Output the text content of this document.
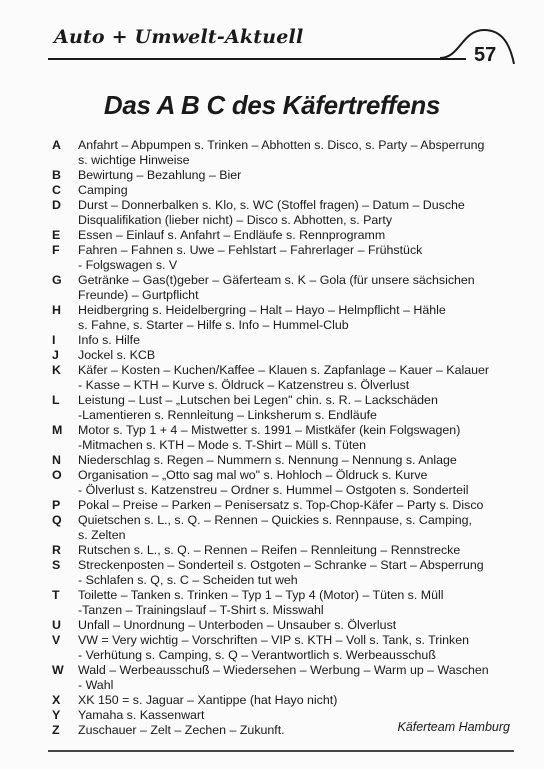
Auto + Umwelt-Aktuell
57
Das A B C des Käfertreffens
A	Anfahrt – Abpumpen s. Trinken – Abhotten s. Disco, s. Party – Absperrung
s. wichtige Hinweise
B	Bewirtung – Bezahlung – Bier
C	Camping
D	Durst – Donnerbalken s. Klo, s. WC (Stoffel fragen) – Datum – Dusche
Disqualifikation (lieber nicht) – Disco s. Abhotten, s. Party
E	Essen – Einlauf s. Anfahrt – Endläufe s. Rennprogramm
F	Fahren – Fahnen s. Uwe – Fehlstart – Fahrerlager – Frühstück
- Folgswagen s. V
G	Getränke – Gas(t)geber – Gäferteam s. K – Gola (für unsere sächsichen
Freunde) – Gurtpflicht
H	Heidbergring s. Heidelbergring – Halt – Hayo – Helmpflicht – Hähle
s. Fahne, s. Starter – Hilfe s. Info – Hummel-Club
I	Info s. Hilfe
J	Jockel s. KCB
K	Käfer – Kosten – Kuchen/Kaffee – Klauen s. Zapfanlage – Kauer – Kalauer
- Kasse – KTH – Kurve s. Öldruck – Katzenstreu s. Ölverlust
L	Leistung – Lust – „Lutschen bei Legen" chin. s. R. – Lackschäden
-Lamentieren s. Rennleitung – Linksherum s. Endläufe
M	Motor s. Typ 1 + 4 – Mistwetter s. 1991 – Mistkäfer (kein Folgswagen)
-Mitmachen s. KTH – Mode s. T-Shirt – Müll s. Tüten
N	Niederschlag s. Regen – Nummern s. Nennung – Nennung s. Anlage
O	Organisation – „Otto sag mal wo" s. Hohloch – Öldruck s. Kurve
- Ölverlust s. Katzenstreu – Ordner s. Hummel – Ostgoten s. Sonderteil
P	Pokal – Preise – Parken – Penisersatz s. Top-Chop-Käfer – Party s. Disco
Q	Quietschen s. L., s. Q. – Rennen – Quickies s. Rennpause, s. Camping,
s. Zelten
R	Rutschen s. L., s. Q. – Rennen – Reifen – Rennleitung – Rennstrecke
S	Streckenposten – Sonderteil s. Ostgoten – Schranke – Start – Absperrung
- Schlafen s. Q, s. C – Scheiden tut weh
T	Toilette – Tanken s. Trinken – Typ 1 – Typ 4 (Motor) – Tüten s. Müll
-Tanzen – Trainingslauf – T-Shirt s. Misswahl
U	Unfall – Unordnung – Unterboden – Unsauber s. Ölverlust
V	VW = Very wichtig – Vorschriften – VIP s. KTH – Voll s. Tank, s. Trinken
- Verhütung s. Camping, s. Q – Verantwortlich s. Werbeausschuß
W	Wald – Werbeausschuß – Wiedersehen – Werbung – Warm up – Waschen
- Wahl
X	XK 150 = s. Jaguar – Xantippe (hat Hayo nicht)
Y	Yamaha s. Kassenwart
Z	Zuschauer – Zelt – Zechen – Zukunft.	Käferteam Hamburg
